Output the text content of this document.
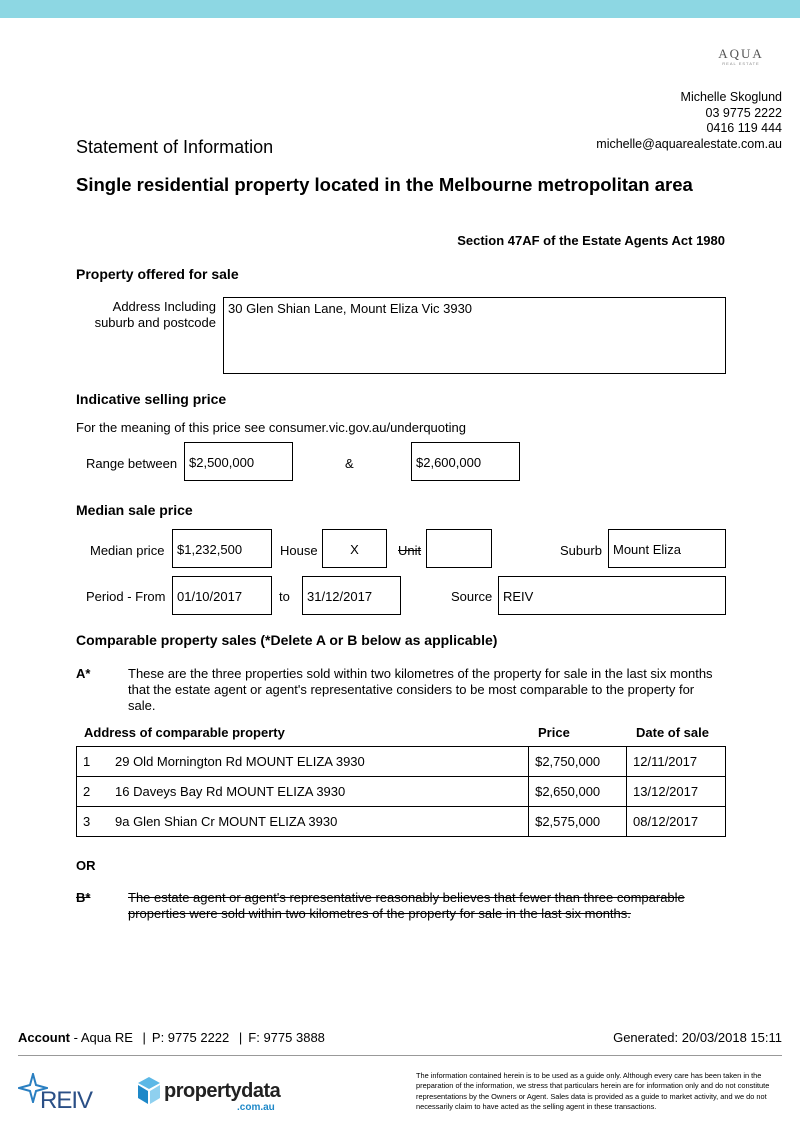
AQUA
REAL ESTATE
Michelle Skoglund
03 9775 2222
0416 119 444
michelle@aquarealestate.com.au
Statement of Information
Single residential property located in the Melbourne metropolitan area
Section 47AF of the Estate Agents Act 1980
Property offered for sale
Address Including suburb and postcode
30 Glen Shian Lane, Mount Eliza Vic 3930
Indicative selling price
For the meaning of this price see consumer.vic.gov.au/underquoting
Range between $2,500,000	&	$2,600,000
Median sale price
Median price $1,232,500	House	X	Unit	Suburb Mount Eliza
Period - From 01/10/2017	to	31/12/2017	Source REIV
Comparable property sales (*Delete A or B below as applicable)
A*	These are the three properties sold within two kilometres of the property for sale in the last six months that the estate agent or agent's representative considers to be most comparable to the property for sale.
Address of comparable property	Price	Date of sale
1 29 Old Mornington Rd MOUNT ELIZA 3930	$2,750,000	12/11/2017
2 16 Daveys Bay Rd MOUNT ELIZA 3930	$2,650,000	13/12/2017
3 9a Glen Shian Cr MOUNT ELIZA 3930	$2,575,000	08/12/2017
OR
B*	The estate agent or agent's representative reasonably believes that fewer than three comparable properties were sold within two kilometres of the property for sale in the last six months.
Account - Aqua RE | P: 9775 2222 | F: 9775 3888	Generated: 20/03/2018 15:11
REIV	propertydata
.com.au
The information contained herein is to be used as a guide only. Although every care has been taken in the preparation of the information, we stress that particulars herein are for information only and do not constitute representations by the Owners or Agent. Sales data is provided as a guide to market activity, and we do not necessarily claim to have acted as the selling agent in these transactions.
